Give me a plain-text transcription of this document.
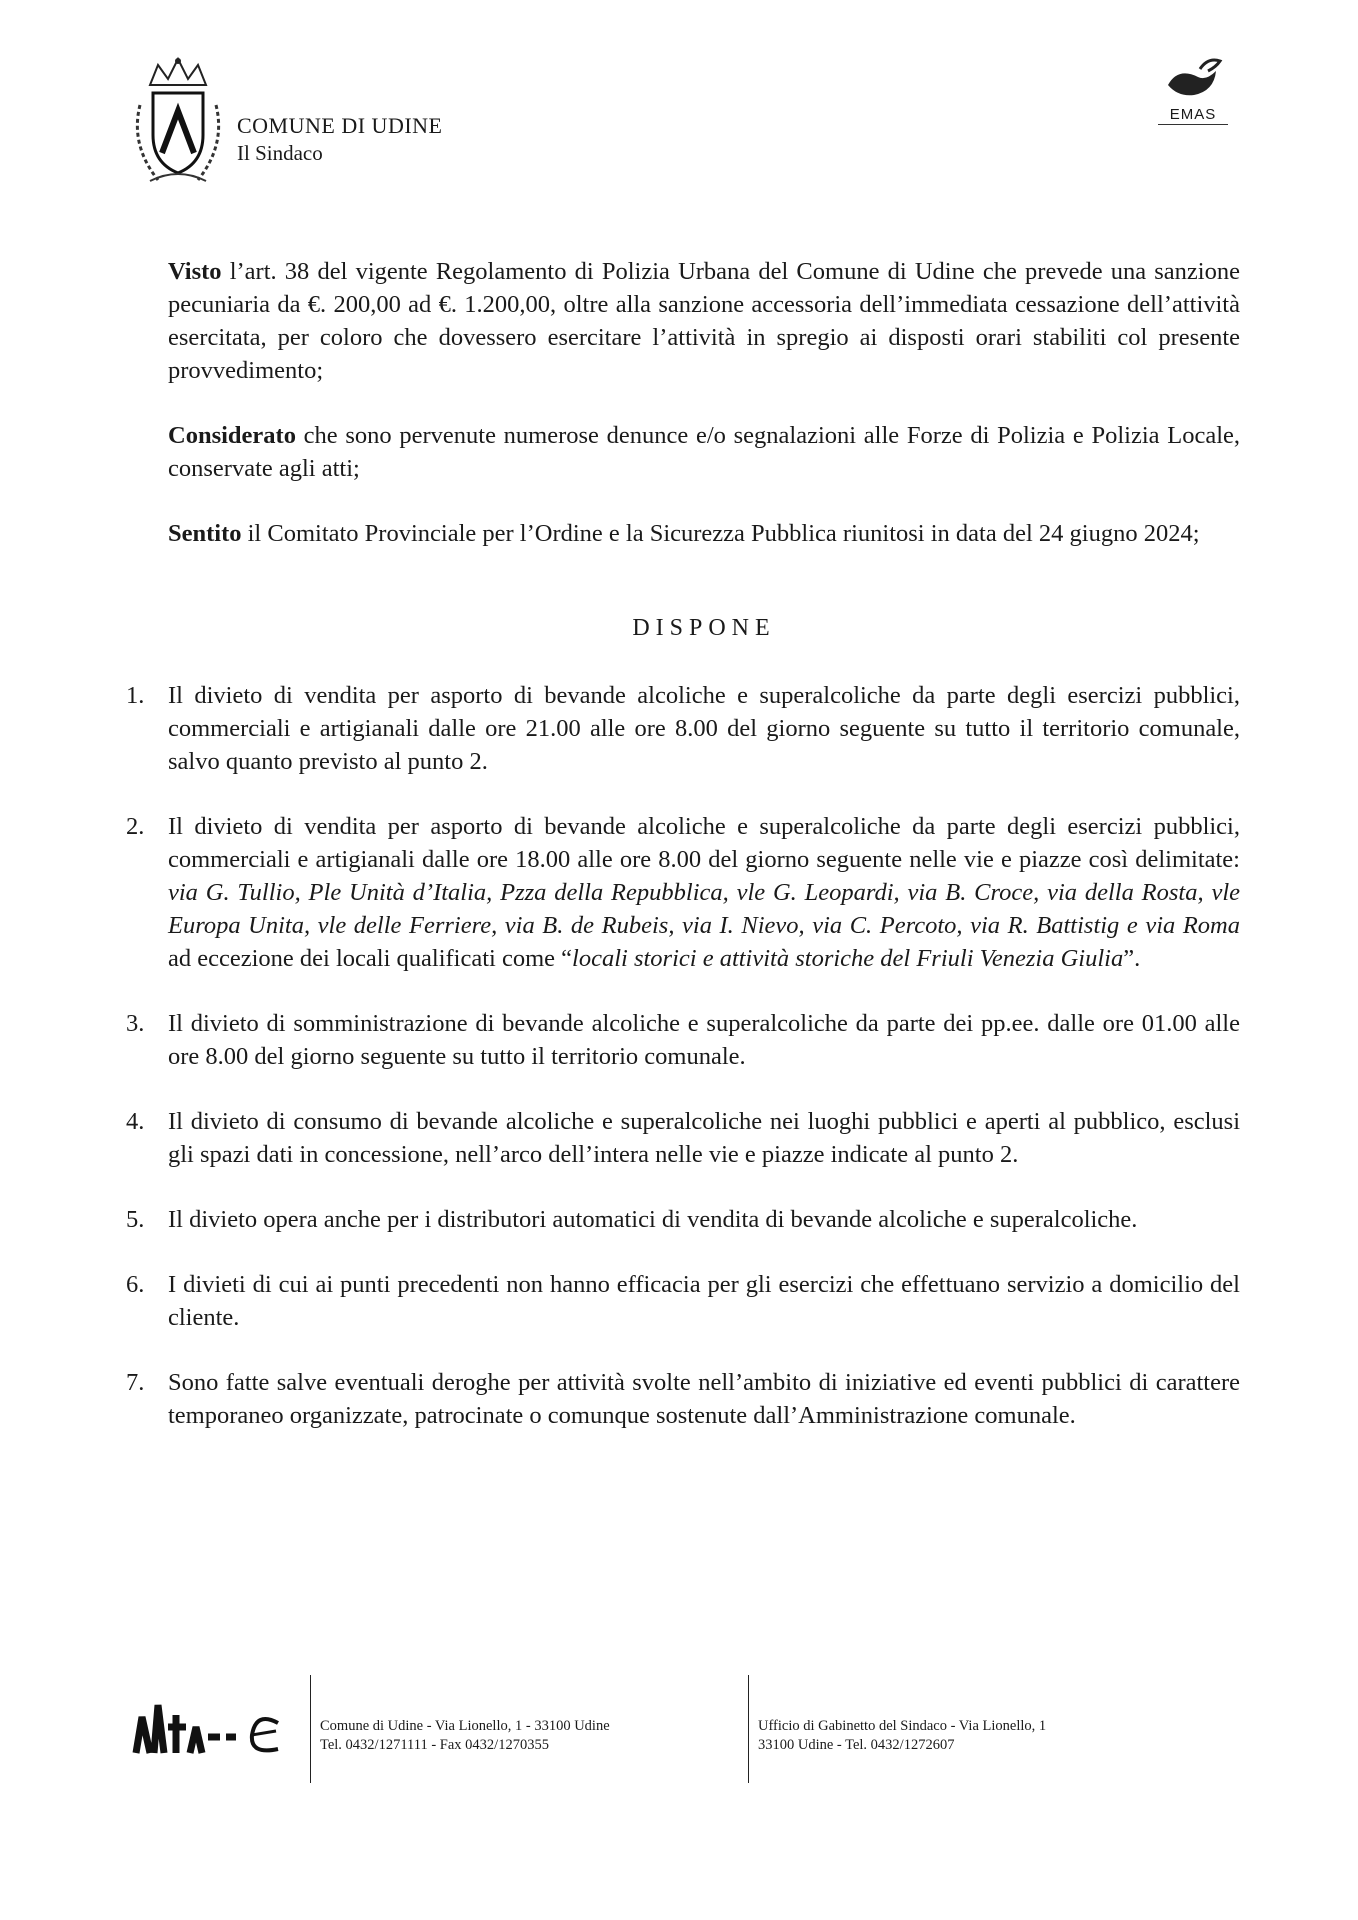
COMUNE DI UDINE
Il Sindaco
EMAS

Visto l’art. 38 del vigente Regolamento di Polizia Urbana del Comune di Udine che prevede una sanzione pecuniaria da €. 200,00 ad €. 1.200,00, oltre alla sanzione accessoria dell’immediata cessazione dell’attività esercitata, per coloro che dovessero esercitare l’attività in spregio ai disposti orari stabiliti col presente provvedimento;

Considerato che sono pervenute numerose denunce e/o segnalazioni alle Forze di Polizia e Polizia Locale, conservate agli atti;

Sentito il Comitato Provinciale per l’Ordine e la Sicurezza Pubblica riunitosi in data del 24 giugno 2024;

DISPONE
1. Il divieto di vendita per asporto di bevande alcoliche e superalcoliche da parte degli esercizi pubblici, commerciali e artigianali dalle ore 21.00 alle ore 8.00 del giorno seguente su tutto il territorio comunale, salvo quanto previsto al punto 2.
2. Il divieto di vendita per asporto di bevande alcoliche e superalcoliche da parte degli esercizi pubblici, commerciali e artigianali dalle ore 18.00 alle ore 8.00 del giorno seguente nelle vie e piazze così delimitate: via G. Tullio, Ple Unità d’Italia, Pzza della Repubblica, vle G. Leopardi, via B. Croce, via della Rosta, vle Europa Unita, vle delle Ferriere, via B. de Rubeis, via I. Nievo, via C. Percoto, via R. Battistig e via Roma ad eccezione dei locali qualificati come “locali storici e attività storiche del Friuli Venezia Giulia”.
3. Il divieto di somministrazione di bevande alcoliche e superalcoliche da parte dei pp.ee. dalle ore 01.00 alle ore 8.00 del giorno seguente su tutto il territorio comunale.
4. Il divieto di consumo di bevande alcoliche e superalcoliche nei luoghi pubblici e aperti al pubblico, esclusi gli spazi dati in concessione, nell’arco dell’intera nelle vie e piazze indicate al punto 2.
5. Il divieto opera anche per i distributori automatici di vendita di bevande alcoliche e superalcoliche.
6. I divieti di cui ai punti precedenti non hanno efficacia per gli esercizi che effettuano servizio a domicilio del cliente.
7. Sono fatte salve eventuali deroghe per attività svolte nell’ambito di iniziative ed eventi pubblici di carattere temporaneo organizzate, patrocinate o comunque sostenute dall’Amministrazione comunale.
Comune di Udine - Via Lionello, 1 - 33100 Udine
Tel. 0432/1271111 - Fax 0432/1270355
Ufficio di Gabinetto del Sindaco - Via Lionello, 1
33100 Udine - Tel. 0432/1272607
